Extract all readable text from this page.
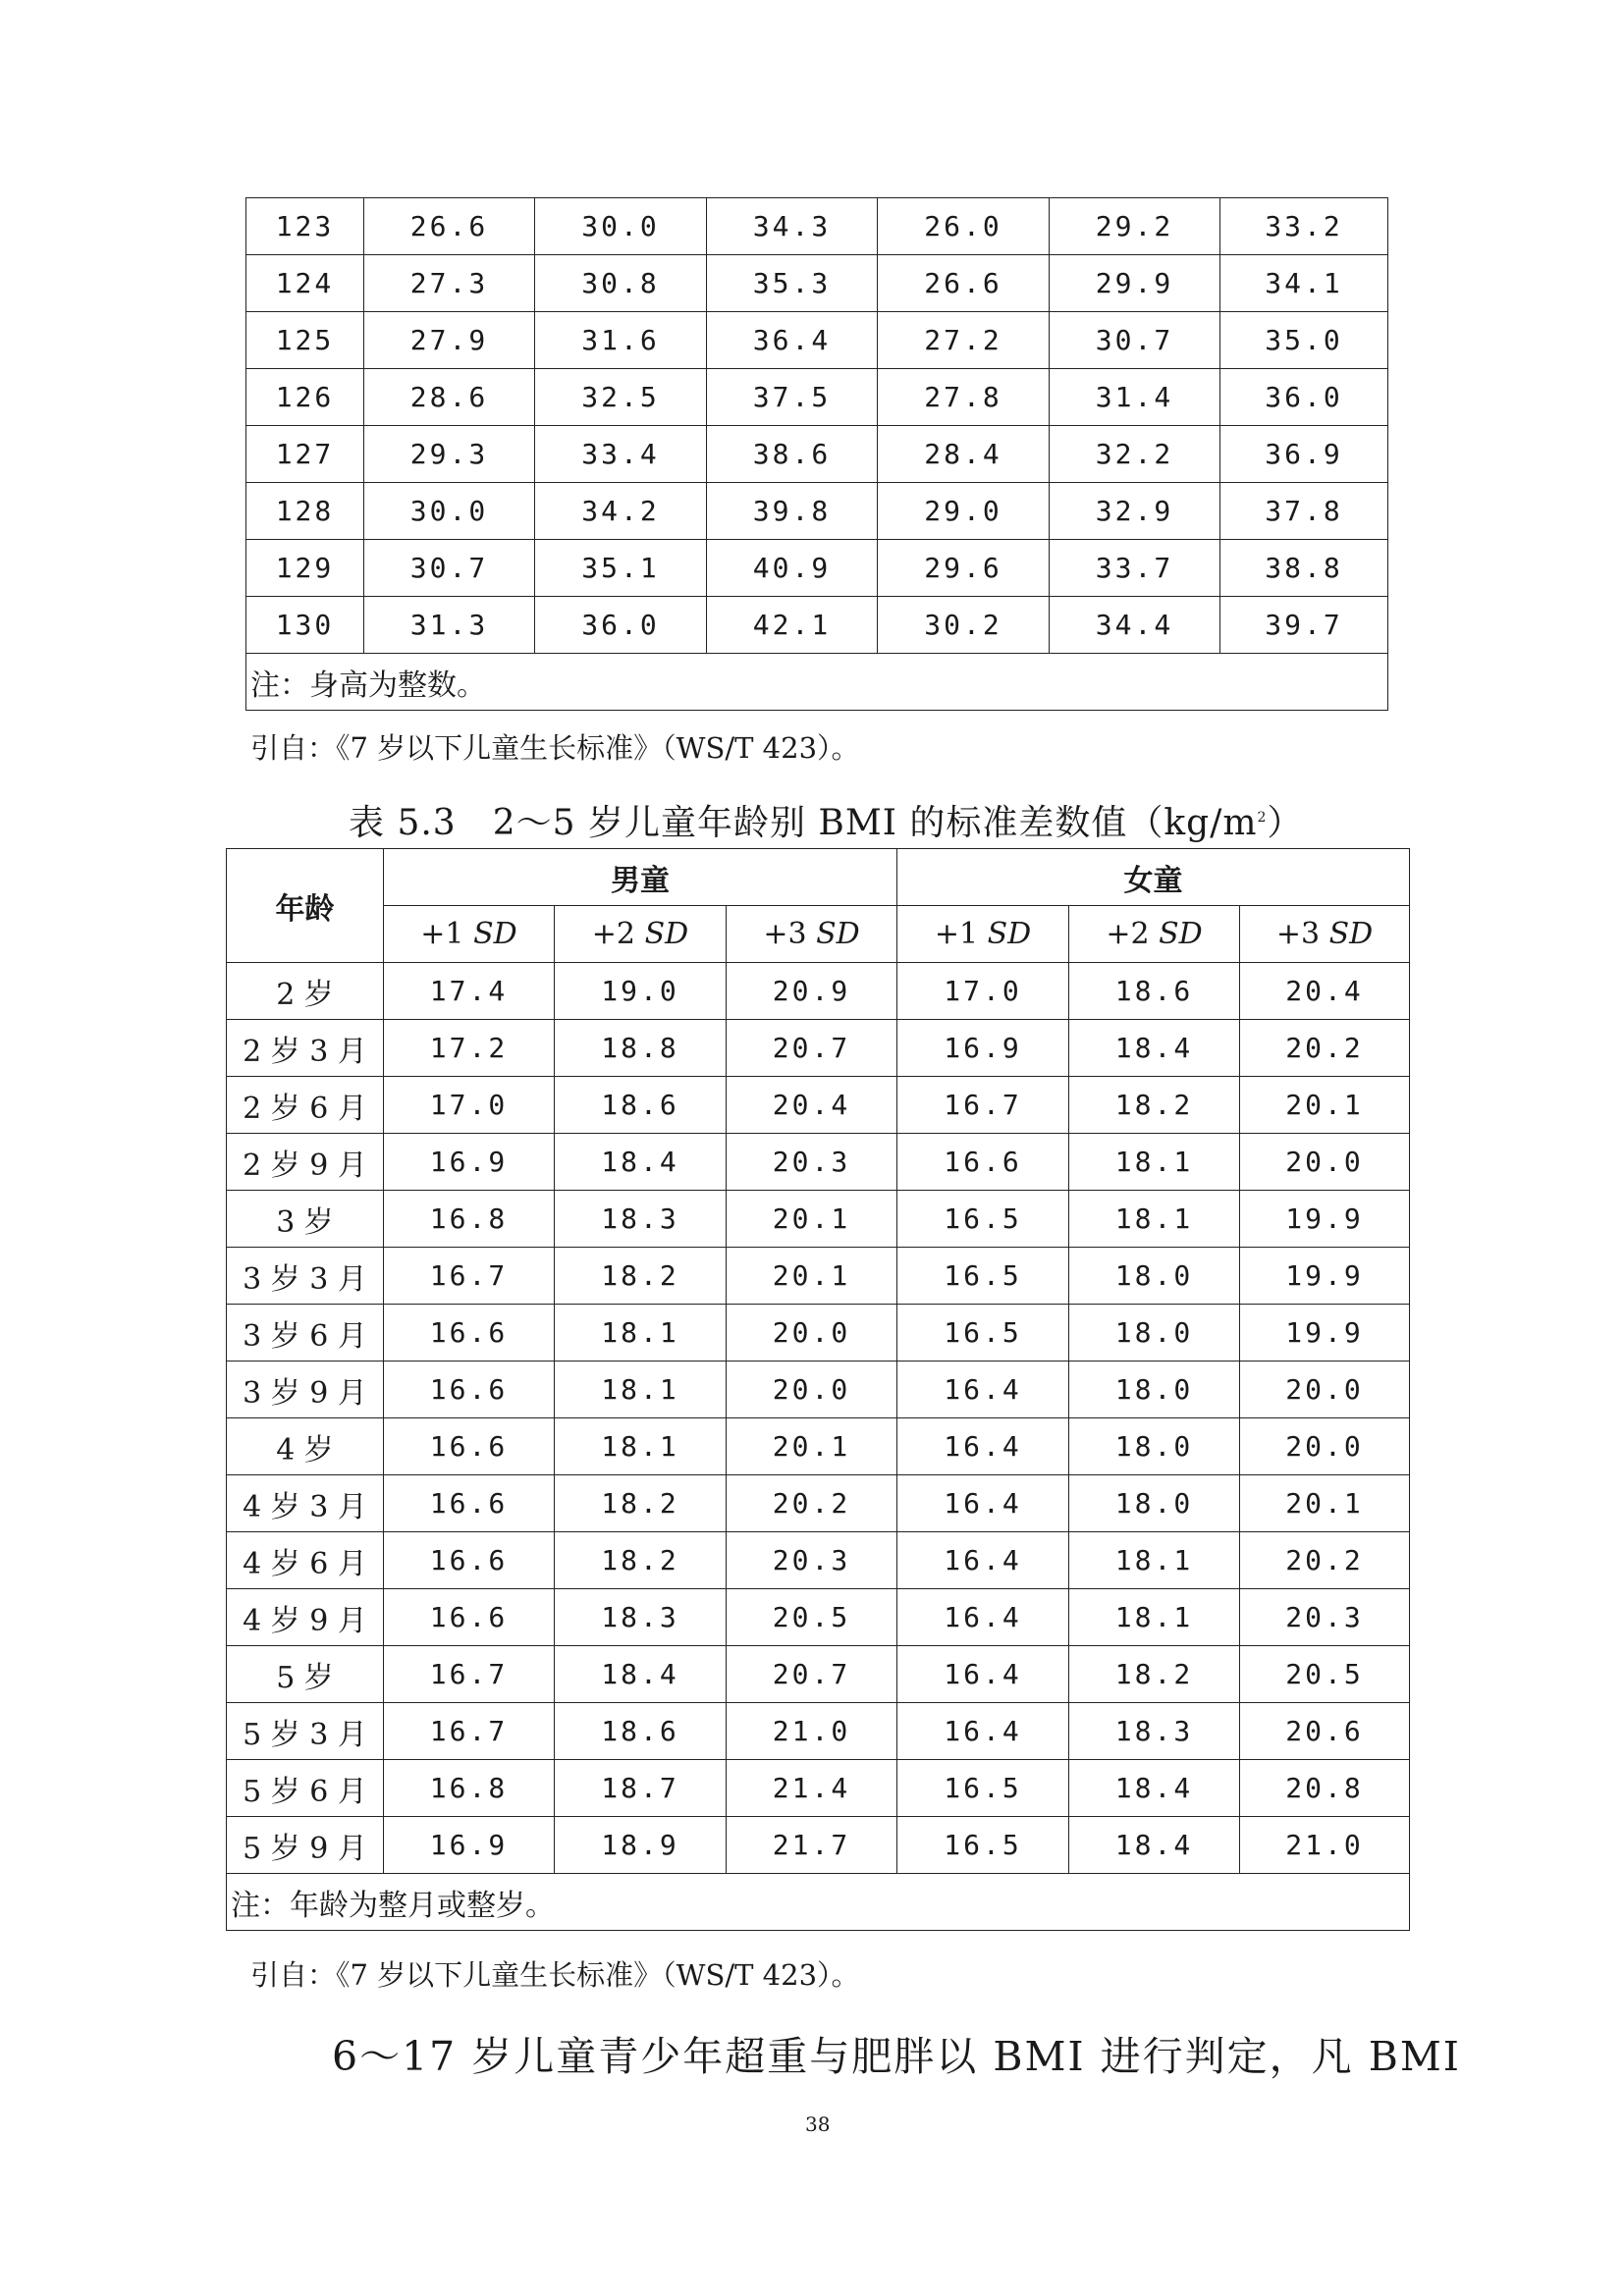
123	26.6	30.0	34.3	26.0	29.2	33.2
124	27.3	30.8	35.3	26.6	29.9	34.1
125	27.9	31.6	36.4	27.2	30.7	35.0
126	28.6	32.5	37.5	27.8	31.4	36.0
127	29.3	33.4	38.6	28.4	32.2	36.9
128	30.0	34.2	39.8	29.0	32.9	37.8
129	30.7	35.1	40.9	29.6	33.7	38.8
130	31.3	36.0	42.1	30.2	34.4	39.7
注：身高为整数。						
引自：《7 岁以下儿童生长标准》（WS/T 423）。
表 5.3　2～5 岁儿童年龄别 BMI 的标准差数值$(kg/m^2)$
年龄	男童			女童		
	+1 SD	+2 SD	+3 SD	+1 SD	+2 SD	+3 SD
2 岁	17.4	19.0	20.9	17.0	18.6	20.4
2 岁 3 月	17.2	18.8	20.7	16.9	18.4	20.2
2 岁 6 月	17.0	18.6	20.4	16.7	18.2	20.1
2 岁 9 月	16.9	18.4	20.3	16.6	18.1	20.0
3 岁	16.8	18.3	20.1	16.5	18.1	19.9
3 岁 3 月	16.7	18.2	20.1	16.5	18.0	19.9
3 岁 6 月	16.6	18.1	20.0	16.5	18.0	19.9
3 岁 9 月	16.6	18.1	20.0	16.4	18.0	20.0
4 岁	16.6	18.1	20.1	16.4	18.0	20.0
4 岁 3 月	16.6	18.2	20.2	16.4	18.0	20.1
4 岁 6 月	16.6	18.2	20.3	16.4	18.1	20.2
4 岁 9 月	16.6	18.3	20.5	16.4	18.1	20.3
5 岁	16.7	18.4	20.7	16.4	18.2	20.5
5 岁 3 月	16.7	18.6	21.0	16.4	18.3	20.6
5 岁 6 月	16.8	18.7	21.4	16.5	18.4	20.8
5 岁 9 月	16.9	18.9	21.7	16.5	18.4	21.0
注：年龄为整月或整岁。						
引自：《7 岁以下儿童生长标准》（WS/T 423）。
6～17 岁儿童青少年超重与肥胖以 BMI 进行判定，凡 BMI
38
